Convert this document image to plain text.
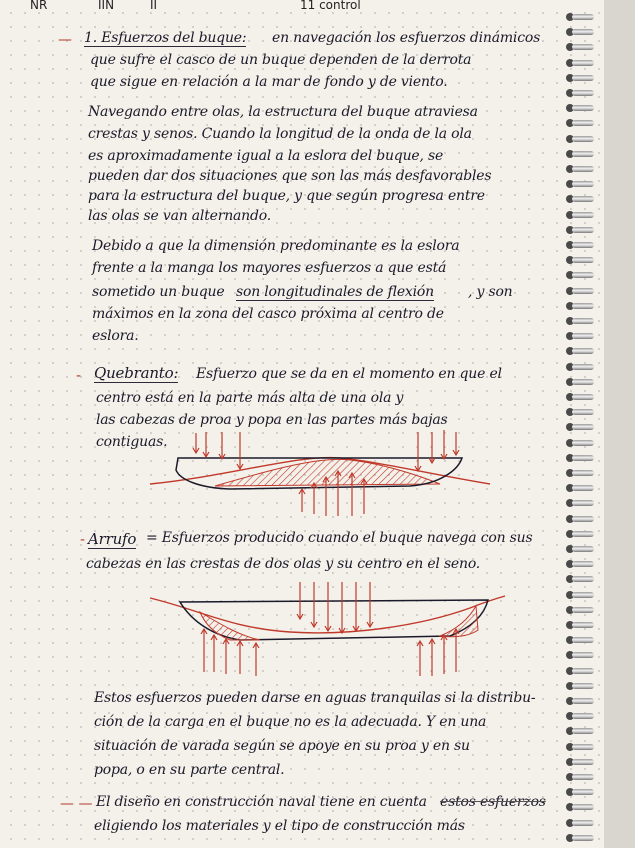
NR	IIN	II	11 control
— 1. Esfuerzos del buque: en navegación los esfuerzos dinámicos
que sufre el casco de un buque dependen de la derrota
que sigue en relación a la mar de fondo y de viento.
Navegando entre olas, la estructura del buque atraviesa
crestas y senos. Cuando la longitud de la onda de la ola
es aproximadamente igual a la eslora del buque, se
pueden dar dos situaciones que son las más desfavorables
para la estructura del buque, y que según progresa entre
las olas se van alternando.
Debido a que la dimensión predominante es la eslora
frente a la manga los mayores esfuerzos a que está
sometido un buque son longitudinales de flexión , y son
máximos en la zona del casco próxima al centro de
eslora.
- Quebranto: Esfuerzo que se da en el momento en que el
centro está en la parte más alta de una ola y
las cabezas de proa y popa en las partes más bajas
contiguas.
- Arrufo = Esfuerzos producido cuando el buque navega con sus
cabezas en las crestas de dos olas y su centro en el seno.
Estos esfuerzos pueden darse en aguas tranquilas si la distribu-
ción de la carga en el buque no es la adecuada. Y en una
situación de varada según se apoye en su proa y en su
popa, o en su parte central.
— — El diseño en construcción naval tiene en cuenta estos esfuerzos
eligiendo los materiales y el tipo de construcción más
